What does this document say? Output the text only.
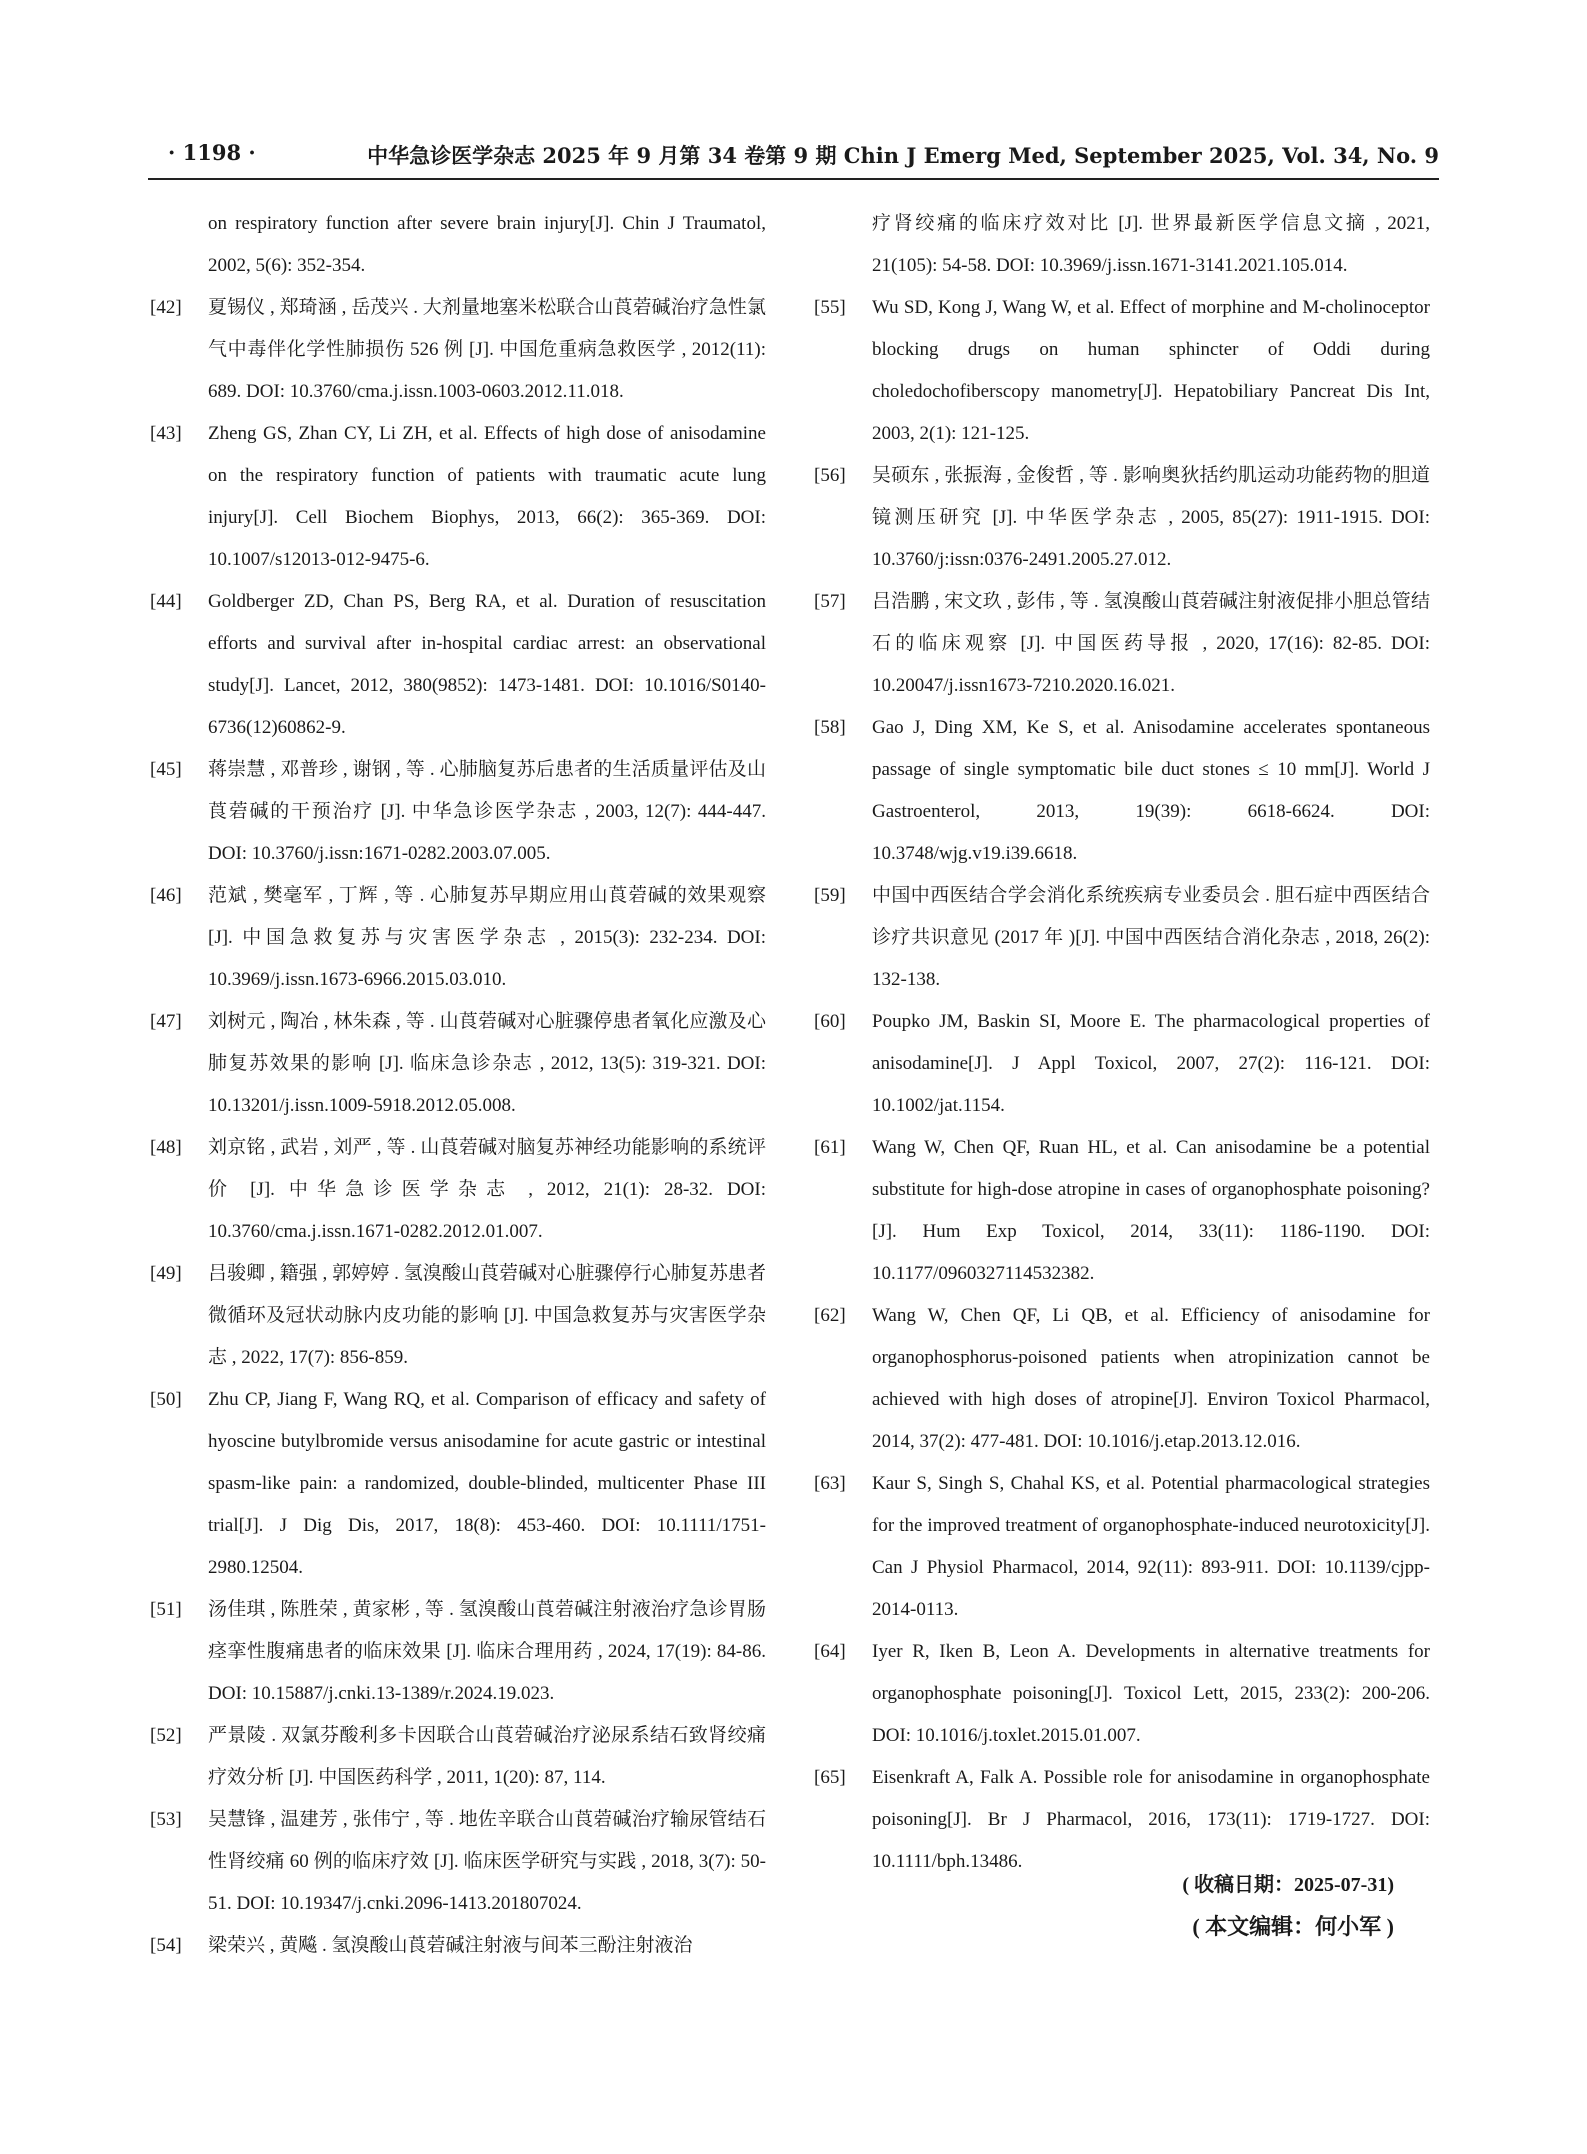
· 1198 ·	中华急诊医学杂志 2025 年 9 月第 34 卷第 9 期 Chin J Emerg Med, September 2025, Vol. 34, No. 9
on respiratory function after severe brain injury[J]. Chin J Traumatol, 2002, 5(6): 352-354.
[42] 夏锡仪 , 郑琦涵 , 岳茂兴 . 大剂量地塞米松联合山莨菪碱治疗急性氯气中毒伴化学性肺损伤 526 例 [J]. 中国危重病急救医学 , 2012(11): 689. DOI: 10.3760/cma.j.issn.1003-0603.2012.11.018.
[43] Zheng GS, Zhan CY, Li ZH, et al. Effects of high dose of anisodamine on the respiratory function of patients with traumatic acute lung injury[J]. Cell Biochem Biophys, 2013, 66(2): 365-369. DOI: 10.1007/s12013-012-9475-6.
[44] Goldberger ZD, Chan PS, Berg RA, et al. Duration of resuscitation efforts and survival after in-hospital cardiac arrest: an observational study[J]. Lancet, 2012, 380(9852): 1473-1481. DOI: 10.1016/S0140-6736(12)60862-9.
[45] 蒋崇慧 , 邓普珍 , 谢钢 , 等 . 心肺脑复苏后患者的生活质量评估及山莨菪碱的干预治疗 [J]. 中华急诊医学杂志 , 2003, 12(7): 444-447. DOI: 10.3760/j.issn:1671-0282.2003.07.005.
[46] 范斌 , 樊毫军 , 丁辉 , 等 . 心肺复苏早期应用山莨菪碱的效果观察 [J]. 中国急救复苏与灾害医学杂志 , 2015(3): 232-234. DOI: 10.3969/j.issn.1673-6966.2015.03.010.
[47] 刘树元 , 陶冶 , 林朱森 , 等 . 山莨菪碱对心脏骤停患者氧化应激及心肺复苏效果的影响 [J]. 临床急诊杂志 , 2012, 13(5): 319-321. DOI: 10.13201/j.issn.1009-5918.2012.05.008.
[48] 刘京铭 , 武岩 , 刘严 , 等 . 山莨菪碱对脑复苏神经功能影响的系统评价 [J]. 中华急诊医学杂志 , 2012, 21(1): 28-32. DOI: 10.3760/cma.j.issn.1671-0282.2012.01.007.
[49] 吕骏卿 , 籍强 , 郭婷婷 . 氢溴酸山莨菪碱对心脏骤停行心肺复苏患者微循环及冠状动脉内皮功能的影响 [J]. 中国急救复苏与灾害医学杂志 , 2022, 17(7): 856-859.
[50] Zhu CP, Jiang F, Wang RQ, et al. Comparison of efficacy and safety of hyoscine butylbromide versus anisodamine for acute gastric or intestinal spasm-like pain: a randomized, double-blinded, multicenter Phase III trial[J]. J Dig Dis, 2017, 18(8): 453-460. DOI: 10.1111/1751-2980.12504.
[51] 汤佳琪 , 陈胜荣 , 黄家彬 , 等 . 氢溴酸山莨菪碱注射液治疗急诊胃肠痉挛性腹痛患者的临床效果 [J]. 临床合理用药 , 2024, 17(19): 84-86. DOI: 10.15887/j.cnki.13-1389/r.2024.19.023.
[52] 严景陵 . 双氯芬酸利多卡因联合山莨菪碱治疗泌尿系结石致肾绞痛疗效分析 [J]. 中国医药科学 , 2011, 1(20): 87, 114.
[53] 吴慧锋 , 温建芳 , 张伟宁 , 等 . 地佐辛联合山莨菪碱治疗输尿管结石性肾绞痛 60 例的临床疗效 [J]. 临床医学研究与实践 , 2018, 3(7): 50-51. DOI: 10.19347/j.cnki.2096-1413.201807024.
[54] 梁荣兴 , 黄飚 . 氢溴酸山莨菪碱注射液与间苯三酚注射液治
疗肾绞痛的临床疗效对比 [J]. 世界最新医学信息文摘 , 2021, 21(105): 54-58. DOI: 10.3969/j.issn.1671-3141.2021.105.014.
[55] Wu SD, Kong J, Wang W, et al. Effect of morphine and M-cholinoceptor blocking drugs on human sphincter of Oddi during choledochofiberscopy manometry[J]. Hepatobiliary Pancreat Dis Int, 2003, 2(1): 121-125.
[56] 吴硕东 , 张振海 , 金俊哲 , 等 . 影响奥狄括约肌运动功能药物的胆道镜测压研究 [J]. 中华医学杂志 , 2005, 85(27): 1911-1915. DOI: 10.3760/j:issn:0376-2491.2005.27.012.
[57] 吕浩鹏 , 宋文玖 , 彭伟 , 等 . 氢溴酸山莨菪碱注射液促排小胆总管结石的临床观察 [J]. 中国医药导报 , 2020, 17(16): 82-85. DOI: 10.20047/j.issn1673-7210.2020.16.021.
[58] Gao J, Ding XM, Ke S, et al. Anisodamine accelerates spontaneous passage of single symptomatic bile duct stones ≤ 10 mm[J]. World J Gastroenterol, 2013, 19(39): 6618-6624. DOI: 10.3748/wjg.v19.i39.6618.
[59] 中国中西医结合学会消化系统疾病专业委员会 . 胆石症中西医结合诊疗共识意见 (2017 年 )[J]. 中国中西医结合消化杂志 , 2018, 26(2): 132-138.
[60] Poupko JM, Baskin SI, Moore E. The pharmacological properties of anisodamine[J]. J Appl Toxicol, 2007, 27(2): 116-121. DOI: 10.1002/jat.1154.
[61] Wang W, Chen QF, Ruan HL, et al. Can anisodamine be a potential substitute for high-dose atropine in cases of organophosphate poisoning?[J]. Hum Exp Toxicol, 2014, 33(11): 1186-1190. DOI: 10.1177/0960327114532382.
[62] Wang W, Chen QF, Li QB, et al. Efficiency of anisodamine for organophosphorus-poisoned patients when atropinization cannot be achieved with high doses of atropine[J]. Environ Toxicol Pharmacol, 2014, 37(2): 477-481. DOI: 10.1016/j.etap.2013.12.016.
[63] Kaur S, Singh S, Chahal KS, et al. Potential pharmacological strategies for the improved treatment of organophosphate-induced neurotoxicity[J]. Can J Physiol Pharmacol, 2014, 92(11): 893-911. DOI: 10.1139/cjpp-2014-0113.
[64] Iyer R, Iken B, Leon A. Developments in alternative treatments for organophosphate poisoning[J]. Toxicol Lett, 2015, 233(2): 200-206. DOI: 10.1016/j.toxlet.2015.01.007.
[65] Eisenkraft A, Falk A. Possible role for anisodamine in organophosphate poisoning[J]. Br J Pharmacol, 2016, 173(11): 1719-1727. DOI: 10.1111/bph.13486.
( 收稿日期：2025-07-31)
( 本文编辑：何小军 )
